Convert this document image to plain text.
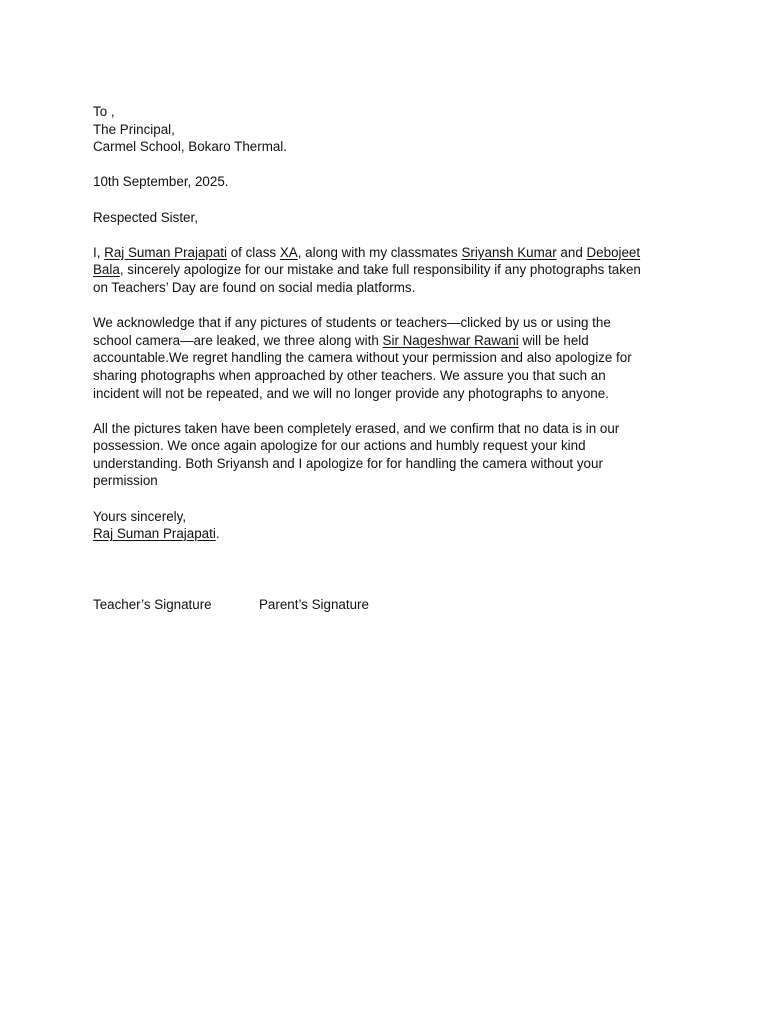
To ,
The Principal,
Carmel School, Bokaro Thermal.
10th September, 2025.
Respected Sister,
I, Raj Suman Prajapati of class XA, along with my classmates Sriyansh Kumar and Debojeet
Bala, sincerely apologize for our mistake and take full responsibility if any photographs taken
on Teachers’ Day are found on social media platforms.
We acknowledge that if any pictures of students or teachers—clicked by us or using the
school camera—are leaked, we three along with Sir Nageshwar Rawani will be held
accountable.We regret handling the camera without your permission and also apologize for
sharing photographs when approached by other teachers. We assure you that such an
incident will not be repeated, and we will no longer provide any photographs to anyone.
All the pictures taken have been completely erased, and we confirm that no data is in our
possession. We once again apologize for our actions and humbly request your kind
understanding. Both Sriyansh and I apologize for for handling the camera without your
permission
Yours sincerely,
Raj Suman Prajapati.
Teacher’s Signature	Parent’s Signature
